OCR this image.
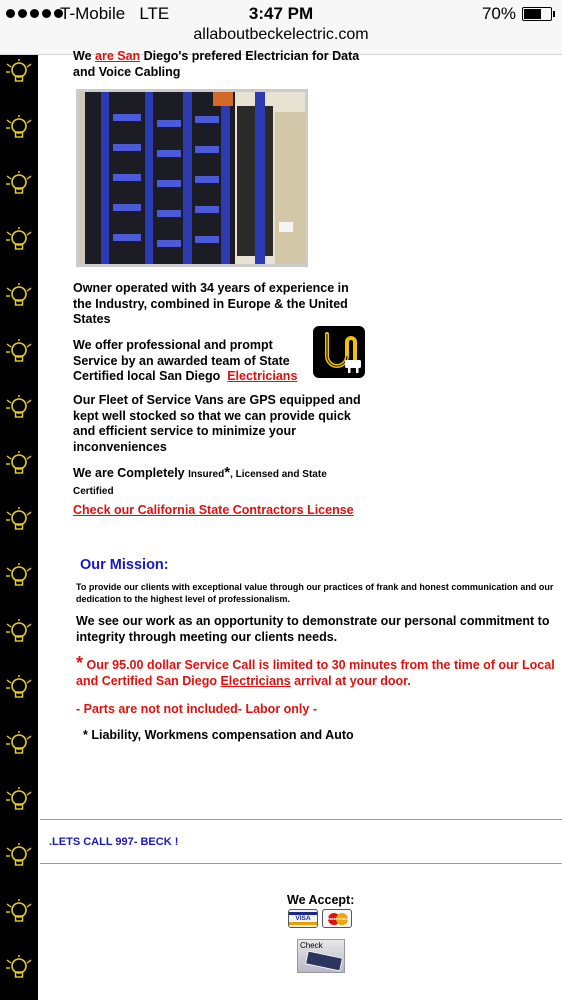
T-Mobile LTE	3:47 PM	70%
allaboutbeckelectric.com

We are San Diego's prefered Electrician for Data and Voice Cabling

Owner operated with 34 years of experience in the Industry, combined in Europe & the United States

We offer professional and prompt Service by an awarded team of State Certified local San Diego Electricians

Our Fleet of Service Vans are GPS equipped and kept well stocked so that we can provide quick and efficient service to minimize your inconveniences

We are Completely Insured*, Licensed and State Certified

Check our California State Contractors License

Our Mission:

To provide our clients with exceptional value through our practices of frank and honest communication and our dedication to the highest level of professionalism.

We see our work as an opportunity to demonstrate our personal commitment to integrity through meeting our clients needs.

* Our 95.00 dollar Service Call is limited to 30 minutes from the time of our Local and Certified San Diego Electricians arrival at your door.

- Parts are not not included- Labor only -

* Liability, Workmens compensation and Auto

.LETS CALL 997- BECK !
We Accept:
VISA	MasterCard
Check
